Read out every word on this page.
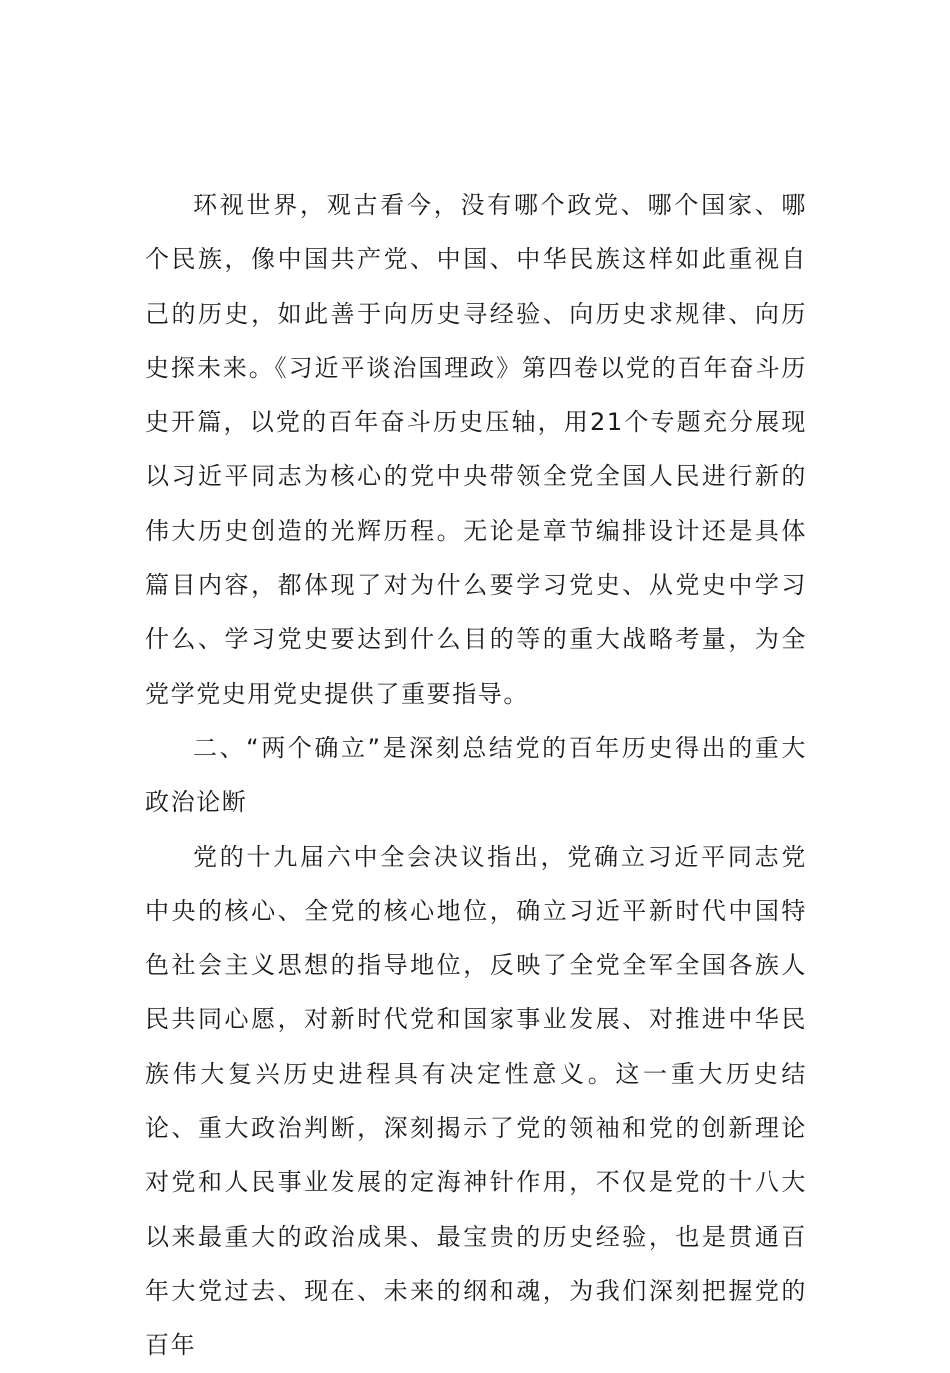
环视世界，观古看今，没有哪个政党、哪个国家、哪个民族，像中国共产党、中国、中华民族这样如此重视自己的历史，如此善于向历史寻经验、向历史求规律、向历史探未来。《习近平谈治国理政》第四卷以党的百年奋斗历史开篇，以党的百年奋斗历史压轴，用21个专题充分展现以习近平同志为核心的党中央带领全党全国人民进行新的伟大历史创造的光辉历程。无论是章节编排设计还是具体篇目内容，都体现了对为什么要学习党史、从党史中学习什么、学习党史要达到什么目的等的重大战略考量，为全党学党史用党史提供了重要指导。

二、“两个确立”是深刻总结党的百年历史得出的重大政治论断

党的十九届六中全会决议指出，党确立习近平同志党中央的核心、全党的核心地位，确立习近平新时代中国特色社会主义思想的指导地位，反映了全党全军全国各族人民共同心愿，对新时代党和国家事业发展、对推进中华民族伟大复兴历史进程具有决定性意义。这一重大历史结论、重大政治判断，深刻揭示了党的领袖和党的创新理论对党和人民事业发展的定海神针作用，不仅是党的十八大以来最重大的政治成果、最宝贵的历史经验，也是贯通百年大党过去、现在、未来的纲和魂，为我们深刻把握党的百年
